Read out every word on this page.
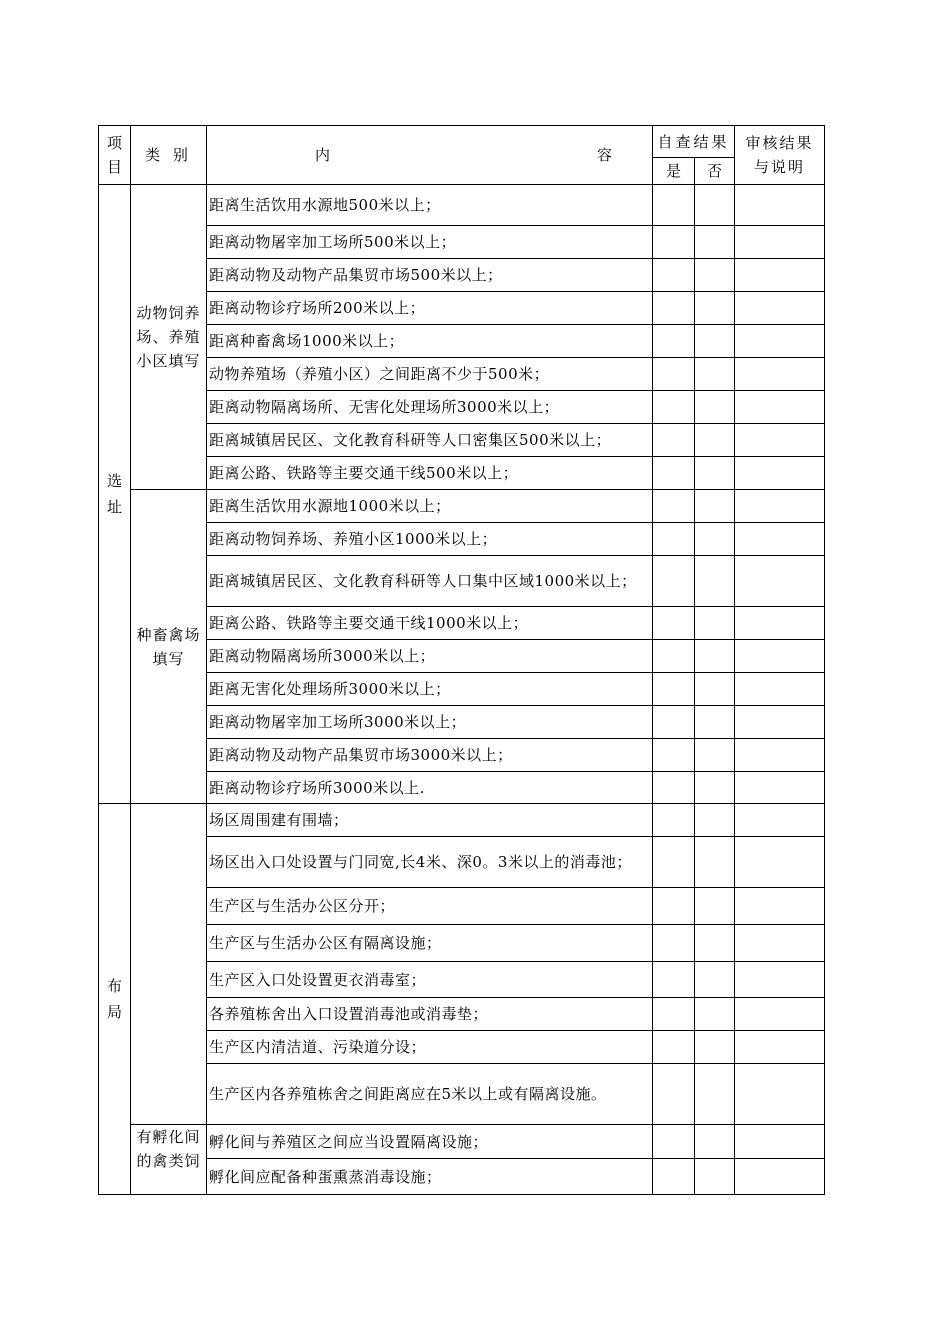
项目	类 别	内 容	自查结果		审核结果与说明
			是	否	
选址	动物饲养场、养殖小区填写	距离生活饮用水源地500米以上；			
		距离动物屠宰加工场所500米以上；			
		距离动物及动物产品集贸市场500米以上；			
		距离动物诊疗场所200米以上；			
		距离种畜禽场1000米以上；			
		动物养殖场（养殖小区）之间距离不少于500米；			
		距离动物隔离场所、无害化处理场所3000米以上；			
		距离城镇居民区、文化教育科研等人口密集区500米以上；			
		距离公路、铁路等主要交通干线500米以上；			
	种畜禽场填写	距离生活饮用水源地1000米以上；			
		距离动物饲养场、养殖小区1000米以上；			
		距离城镇居民区、文化教育科研等人口集中区域1000米以上；			
		距离公路、铁路等主要交通干线1000米以上；			
		距离动物隔离场所3000米以上；			
		距离无害化处理场所3000米以上；			
		距离动物屠宰加工场所3000米以上；			
		距离动物及动物产品集贸市场3000米以上；			
		距离动物诊疗场所3000米以上.			
布局		场区周围建有围墙；			
		场区出入口处设置与门同宽,长4米、深0。3米以上的消毒池；			
		生产区与生活办公区分开；			
		生产区与生活办公区有隔离设施；			
		生产区入口处设置更衣消毒室；			
		各养殖栋舍出入口设置消毒池或消毒垫；			
		生产区内清洁道、污染道分设；			
		生产区内各养殖栋舍之间距离应在5米以上或有隔离设施。			
	有孵化间的禽类饲	孵化间与养殖区之间应当设置隔离设施；			
		孵化间应配备种蛋熏蒸消毒设施；			
